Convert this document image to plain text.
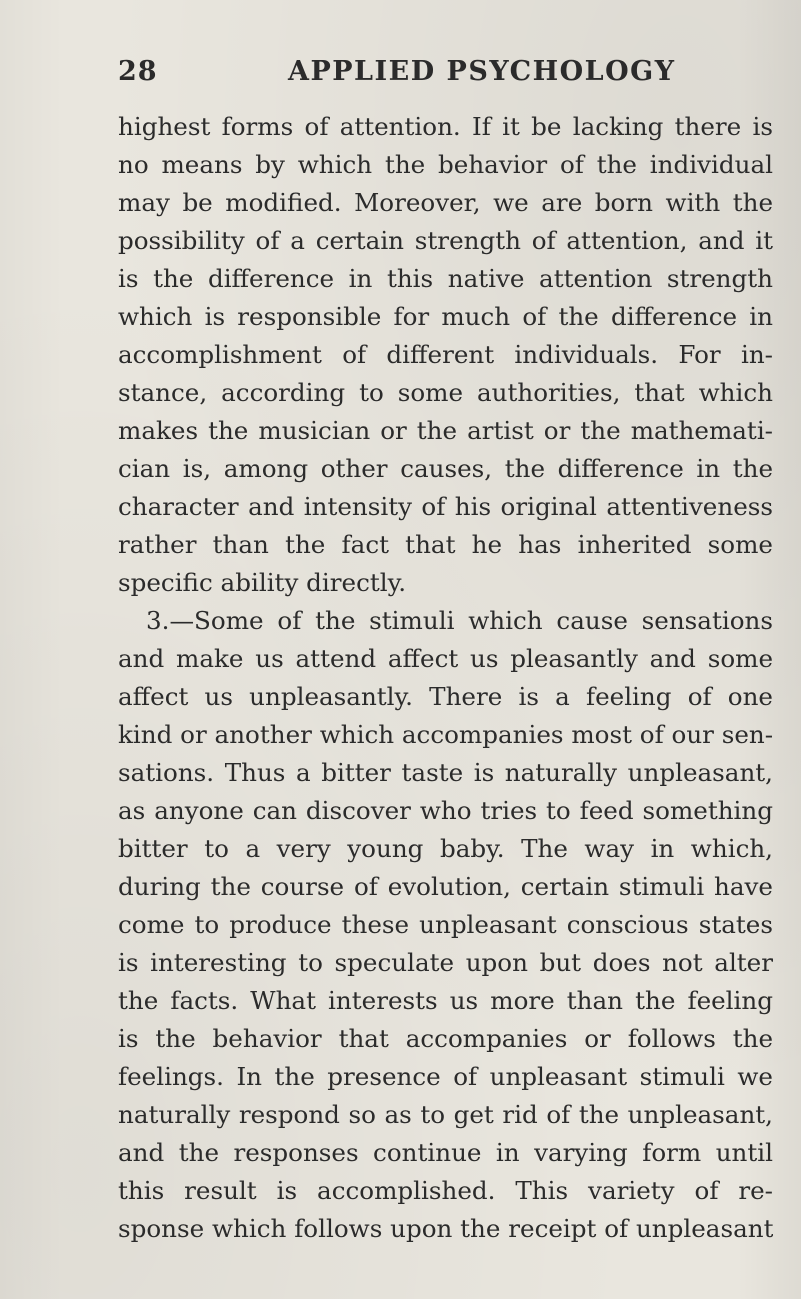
28	APPLIED PSYCHOLOGY
highest forms of attention. If it be lacking there is
no means by which the behavior of the individual
may be modified. Moreover, we are born with the
possibility of a certain strength of attention, and it
is the difference in this native attention strength
which is responsible for much of the difference in
accomplishment of different individuals. For in-
stance, according to some authorities, that which
makes the musician or the artist or the mathemati-
cian is, among other causes, the difference in the
character and intensity of his original attentiveness
rather than the fact that he has inherited some
specific ability directly.
3.—Some of the stimuli which cause sensations
and make us attend affect us pleasantly and some
affect us unpleasantly. There is a feeling of one
kind or another which accompanies most of our sen-
sations. Thus a bitter taste is naturally unpleasant,
as anyone can discover who tries to feed something
bitter to a very young baby. The way in which,
during the course of evolution, certain stimuli have
come to produce these unpleasant conscious states
is interesting to speculate upon but does not alter
the facts. What interests us more than the feeling
is the behavior that accompanies or follows the
feelings. In the presence of unpleasant stimuli we
naturally respond so as to get rid of the unpleasant,
and the responses continue in varying form until
this result is accomplished. This variety of re-
sponse which follows upon the receipt of unpleasant
